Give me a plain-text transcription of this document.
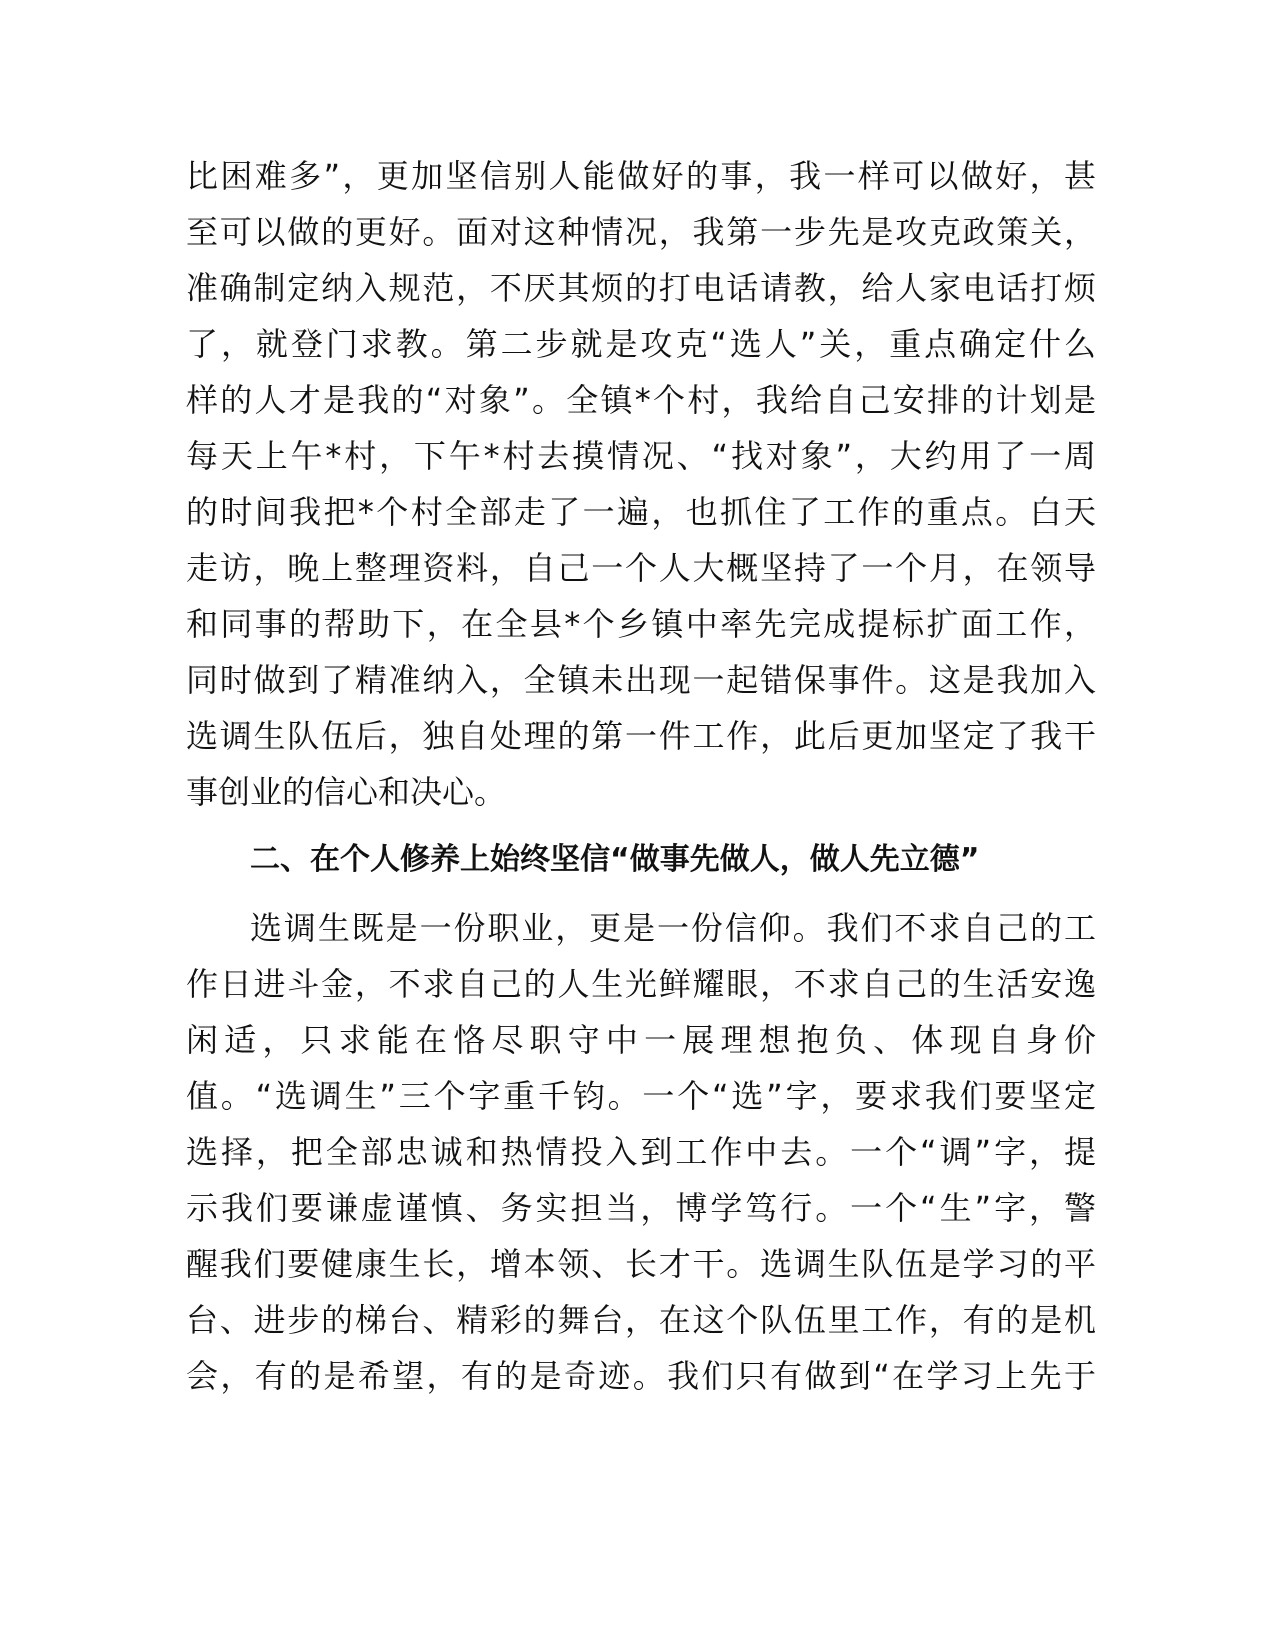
比困难多”，更加坚信别人能做好的事，我一样可以做好，甚
至可以做的更好。面对这种情况，我第一步先是攻克政策关，
准确制定纳入规范，不厌其烦的打电话请教，给人家电话打烦
了，就登门求教。第二步就是攻克“选人”关，重点确定什么
样的人才是我的“对象”。全镇*个村，我给自己安排的计划是
每天上午*村，下午*村去摸情况、“找对象”，大约用了一周
的时间我把*个村全部走了一遍，也抓住了工作的重点。白天
走访，晚上整理资料，自己一个人大概坚持了一个月，在领导
和同事的帮助下，在全县*个乡镇中率先完成提标扩面工作，
同时做到了精准纳入，全镇未出现一起错保事件。这是我加入
选调生队伍后，独自处理的第一件工作，此后更加坚定了我干
事创业的信心和决心。
二、在个人修养上始终坚信“做事先做人，做人先立德”
选调生既是一份职业，更是一份信仰。我们不求自己的工
作日进斗金，不求自己的人生光鲜耀眼，不求自己的生活安逸
闲适，只求能在恪尽职守中一展理想抱负、体现自身价
值。“选调生”三个字重千钧。一个“选”字，要求我们要坚定
选择，把全部忠诚和热情投入到工作中去。一个“调”字，提
示我们要谦虚谨慎、务实担当，博学笃行。一个“生”字，警
醒我们要健康生长，增本领、长才干。选调生队伍是学习的平
台、进步的梯台、精彩的舞台，在这个队伍里工作，有的是机
会，有的是希望，有的是奇迹。我们只有做到“在学习上先于
